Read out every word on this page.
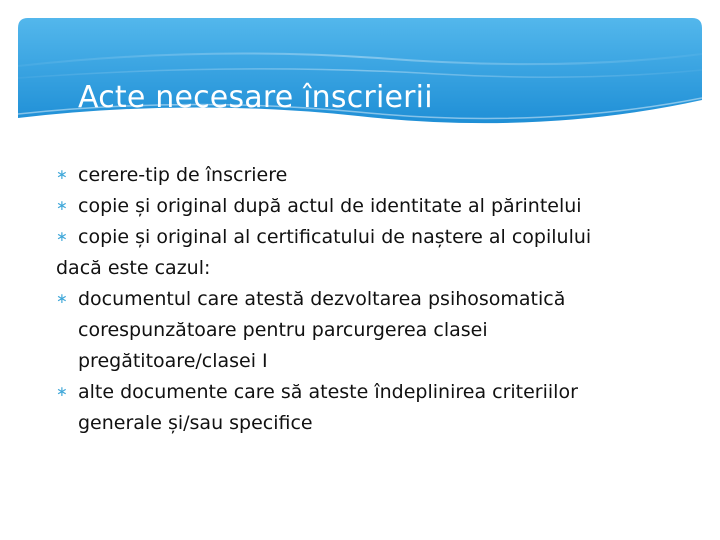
Acte necesare înscrierii
∗ cerere-tip de înscriere
∗ copie și original după actul de identitate al părintelui
∗ copie și original al certificatului de naștere al copilului
dacă este cazul:
∗ documentul care atestă dezvoltarea psihosomatică
corespunzătoare pentru parcurgerea clasei
pregătitoare/clasei I
∗ alte documente care să ateste îndeplinirea criteriilor
generale și/sau specifice
